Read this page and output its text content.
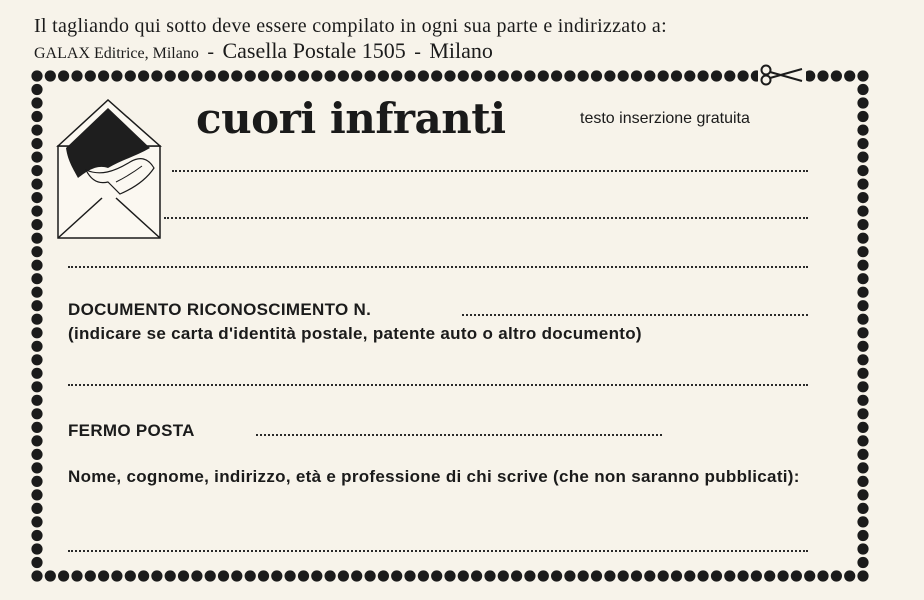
Il tagliando qui sotto deve essere compilato in ogni sua parte e indirizzato a:
GALAX Editrice, Milano - Casella Postale 1505 - Milano
cuori infranti	testo inserzione gratuita
DOCUMENTO RICONOSCIMENTO N.
(indicare se carta d'identità postale, patente auto o altro documento)
FERMO POSTA
Nome, cognome, indirizzo, età e professione di chi scrive (che non saranno pubblicati):
